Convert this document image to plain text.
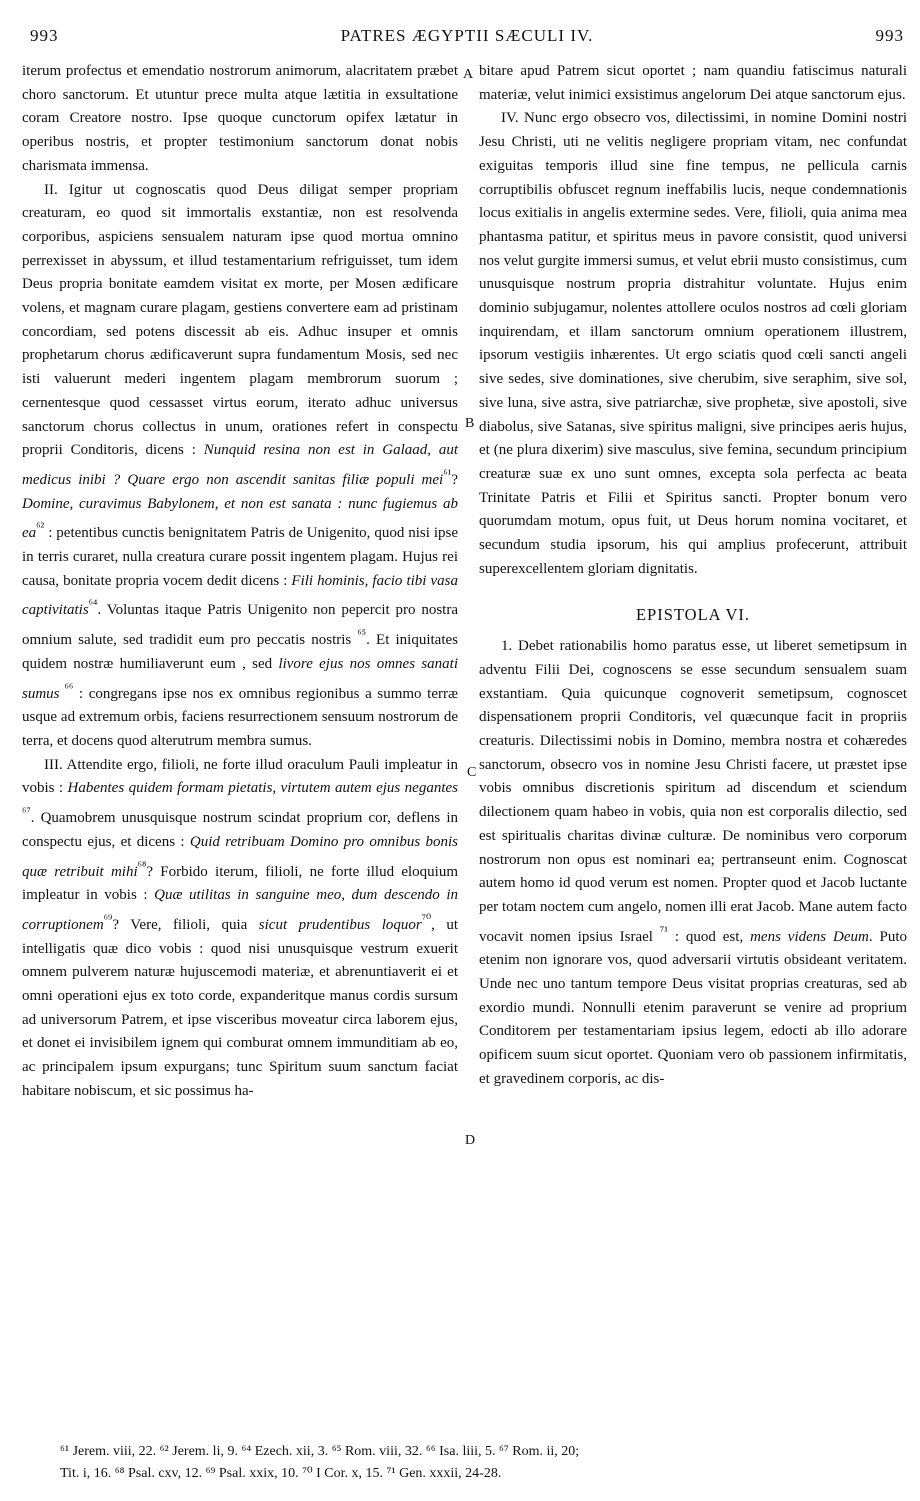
993	PATRES ÆGYPTII SÆCULI IV.	993

iterum profectus et emendatio nostrorum animorum, alacritatem præbet choro sanctorum. Et utuntur prece multa atque lætitia in exsultatione coram Creatore nostro. Ipse quoque cunctorum opifex lætatur in operibus nostris, et propter testimonium sanctorum donat nobis charismata immensa.

II. Igitur ut cognoscatis quod Deus diligat semper propriam creaturam, eo quod sit immortalis exstantiæ, non est resolvenda corporibus, aspiciens sensualem naturam ipse quod mortua omnino perrexisset in abyssum, et illud testamentarium refriguisset, tum idem Deus propria bonitate eamdem visitat ex morte, per Mosen ædificare volens, et magnam curare plagam, gestiens convertere eam ad pristinam concordiam, sed potens discessit ab eis. Adhuc insuper et omnis prophetarum chorus ædificaverunt supra fundamentum Mosis, sed nec isti valuerunt mederi ingentem plagam membrorum suorum ; cernentesque quod cessasset virtus eorum, iterato adhuc universus sanctorum chorus collectus in unum, orationes refert in conspectu proprii Conditoris, dicens : Nunquid resina non est in Galaad, aut medicus inibi ? Quare ergo non ascendit sanitas filiæ populi mei$^{^{61}}$? Domine, curavimus Babylonem, et non est sanata : nunc fugiemus ab $ea^{^{62}}$ : petentibus cunctis benignitatem Patris de Unigenito, quod nisi ipse in terris curaret, nulla creatura curare possit ingentem plagam. Hujus rei causa, bonitate propria vocem dedit dicens : Fili hominis, facio tibi vasa captivitatis$^{^{64}}$. Voluntas itaque Patris Unigenito non pepercit pro nostra omnium salute, sed tradidit eum pro peccatis nostris $^{^{65}}$. Et iniquitates quidem nostræ humiliaverunt eum , sed livore ejus nos omnes sanati sumus $^{^{66}}$ : congregans ipse nos ex omnibus regionibus a summo terræ usque ad extremum orbis, faciens resurrectionem sensuum nostrorum de terra, et docens quod alterutrum membra sumus.

III. Attendite ergo, filioli, ne forte illud oraculum Pauli impleatur in vobis : Habentes quidem formam pietatis, virtutem autem ejus negantes $^{^{67}}$. Quamobrem unusquisque nostrum scindat proprium cor, deflens in conspectu ejus, et dicens : Quid retribuam Domino pro omnibus bonis quæ retribuit mihi$^{^{68}}$? Forbido iterum, filioli, ne forte illud eloquium impleatur in vobis : Quæ utilitas in sanguine meo, dum descendo in corruptionem$^{^{69}}$? Vere, filioli, quia sicut prudentibus loquor$^{^{70}}$, ut intelligatis quæ dico vobis : quod nisi unusquisque vestrum exuerit omnem pulverem naturæ hujuscemodi materiæ, et abrenuntiaverit ei et omni operationi ejus ex toto corde, expanderitque manus cordis sursum ad universorum Patrem, et ipse visceribus moveatur circa laborem ejus, et donet ei invisibilem ignem qui comburat omnem immunditiam ab eo, ac principalem ipsum expurgans; tunc Spiritum suum sanctum faciat habitare nobiscum, et sic possimus ha-

A
B
C
D

bitare apud Patrem sicut oportet ; nam quandiu fatiscimus naturali materiæ, velut inimici exsistimus angelorum Dei atque sanctorum ejus.

IV. Nunc ergo obsecro vos, dilectissimi, in nomine Domini nostri Jesu Christi, uti ne velitis negligere propriam vitam, nec confundat exiguitas temporis illud sine fine tempus, ne pellicula carnis corruptibilis obfuscet regnum ineffabilis lucis, neque condemnationis locus exitialis in angelis extermine sedes. Vere, filioli, quia anima mea phantasma patitur, et spiritus meus in pavore consistit, quod universi nos velut gurgite immersi sumus, et velut ebrii musto consistimus, cum unusquisque nostrum propria distrahitur voluntate. Hujus enim dominio subjugamur, nolentes attollere oculos nostros ad cœli gloriam inquirendam, et illam sanctorum omnium operationem illustrem, ipsorum vestigiis inhærentes. Ut ergo sciatis quod cœli sancti angeli sive sedes, sive dominationes, sive cherubim, sive seraphim, sive sol, sive luna, sive astra, sive patriarchæ, sive prophetæ, sive apostoli, sive diabolus, sive Satanas, sive spiritus maligni, sive principes aeris hujus, et (ne plura dixerim) sive masculus, sive femina, secundum principium creaturæ suæ ex uno sunt omnes, excepta sola perfecta ac beata Trinitate Patris et Filii et Spiritus sancti. Propter bonum vero quorumdam motum, opus fuit, ut Deus horum nomina vocitaret, et secundum studia ipsorum, his qui amplius profecerunt, attribuit superexcellentem gloriam dignitatis.

EPISTOLA VI.

1. Debet rationabilis homo paratus esse, ut liberet semetipsum in adventu Filii Dei, cognoscens se esse secundum sensualem suam exstantiam. Quia quicunque cognoverit semetipsum, cognoscet dispensationem proprii Conditoris, vel quæcunque facit in propriis creaturis. Dilectissimi nobis in Domino, membra nostra et cohæredes sanctorum, obsecro vos in nomine Jesu Christi facere, ut præstet ipse vobis omnibus discretionis spiritum ad discendum et sciendum dilectionem quam habeo in vobis, quia non est corporalis dilectio, sed est spiritualis charitas divinæ culturæ. De nominibus vero corporum nostrorum non opus est nominari ea; pertranseunt enim. Cognoscat autem homo id quod verum est nomen. Propter quod et Jacob luctante per totam noctem cum angelo, nomen illi erat Jacob. Mane autem facto vocavit nomen ipsius Israel $^{^{71}}$ : quod est, mens videns Deum. Puto etenim non ignorare vos, quod adversarii virtutis obsideant veritatem. Unde nec uno tantum tempore Deus visitat proprias creaturas, sed ab exordio mundi. Nonnulli etenim paraverunt se venire ad proprium Conditorem per testamentariam ipsius legem, edocti ab illo adorare opificem suum sicut oportet. Quoniam vero ob passionem infirmitatis, et gravedinem corporis, ac dis-

⁶¹ Jerem. viii, 22. ⁶² Jerem. li, 9. ⁶⁴ Ezech. xii, 3. ⁶⁵ Rom. viii, 32. ⁶⁶ Isa. liii, 5. ⁶⁷ Rom. ii, 20;

Tit. i, 16. ⁶⁸ Psal. cxv, 12. ⁶⁹ Psal. xxix, 10. ⁷⁰ I Cor. x, 15. ⁷¹ Gen. xxxii, 24-28.
